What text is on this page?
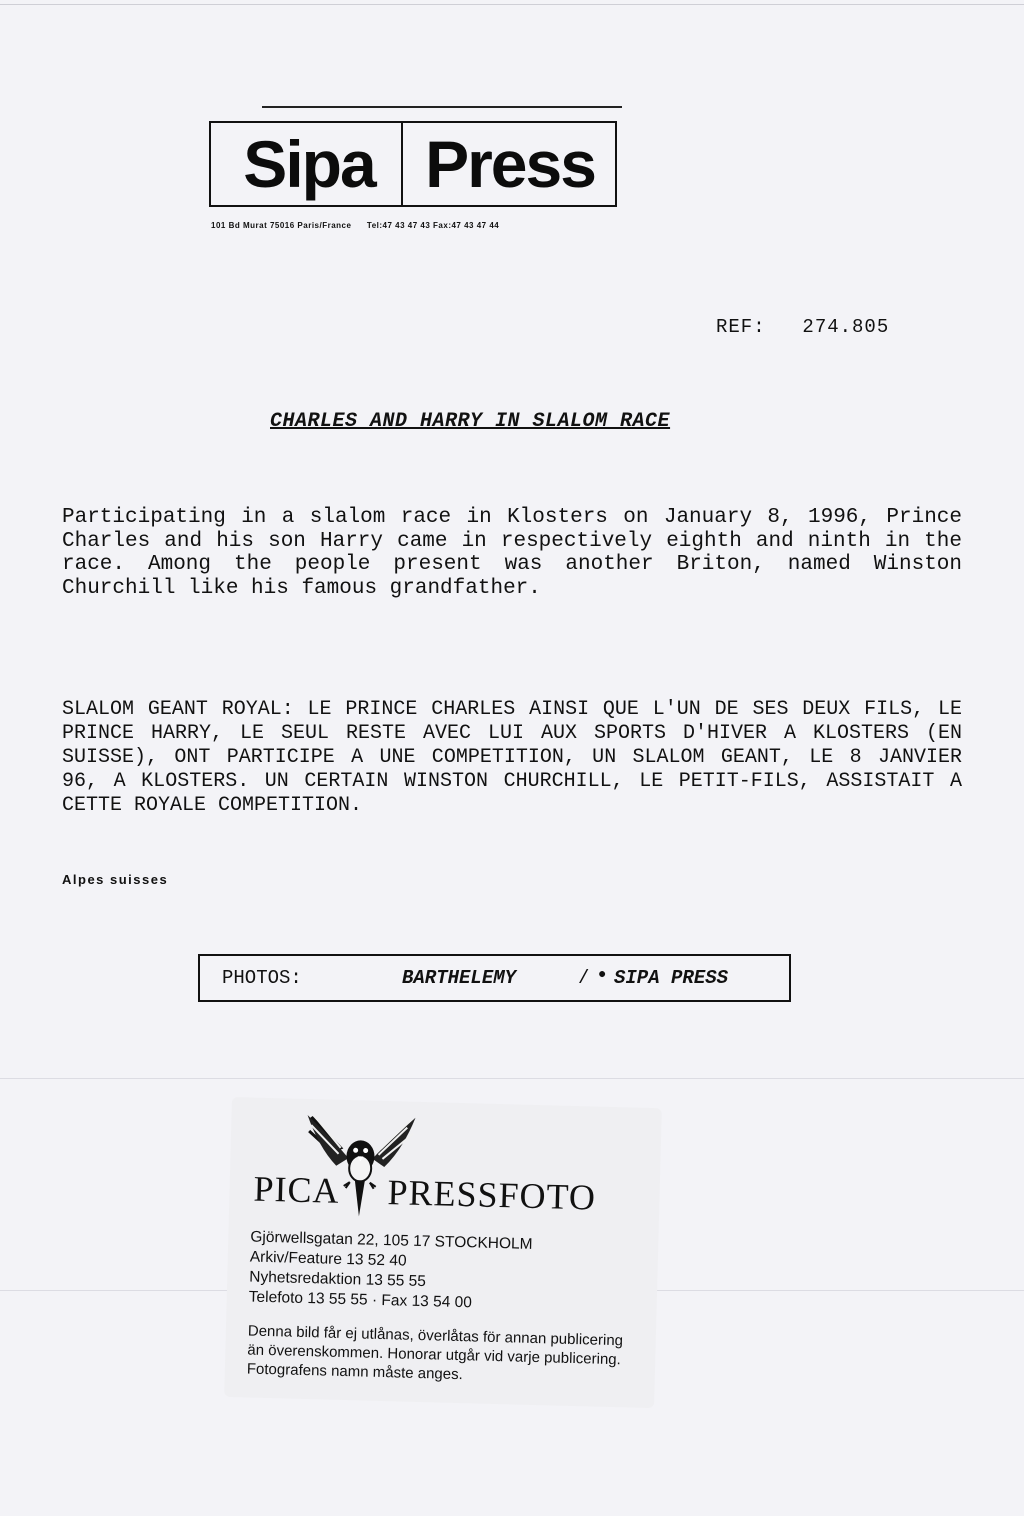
Sipa Press
101 Bd Murat 75016 Paris/France Tel:47 43 47 43 Fax:47 43 47 44
REF: 274.805
CHARLES AND HARRY IN SLALOM RACE

Participating in a slalom race in Klosters on January 8, 1996, Prince Charles and his son Harry came in respectively eighth and ninth in the race. Among the people present was another Briton, named Winston Churchill like his famous grandfather.

SLALOM GEANT ROYAL: LE PRINCE CHARLES AINSI QUE L'UN DE SES DEUX FILS, LE PRINCE HARRY, LE SEUL RESTE AVEC LUI AUX SPORTS D'HIVER A KLOSTERS (EN SUISSE), ONT PARTICIPE A UNE COMPETITION, UN SLALOM GEANT, LE 8 JANVIER 96, A KLOSTERS. UN CERTAIN WINSTON CHURCHILL, LE PETIT-FILS, ASSISTAIT A CETTE ROYALE COMPETITION.

Alpes suisses
PHOTOS:	BARTHELEMY	/ ● SIPA PRESS
PICA PRESSFOTO
Gjörwellsgatan 22, 105 17 STOCKHOLM
Arkiv/Feature 13 52 40
Nyhetsredaktion 13 55 55
Telefoto 13 55 55 · Fax 13 54 00
Denna bild får ej utlånas, överlåtas för annan publicering än överenskommen. Honorar utgår vid varje publicering. Fotografens namn måste anges.
